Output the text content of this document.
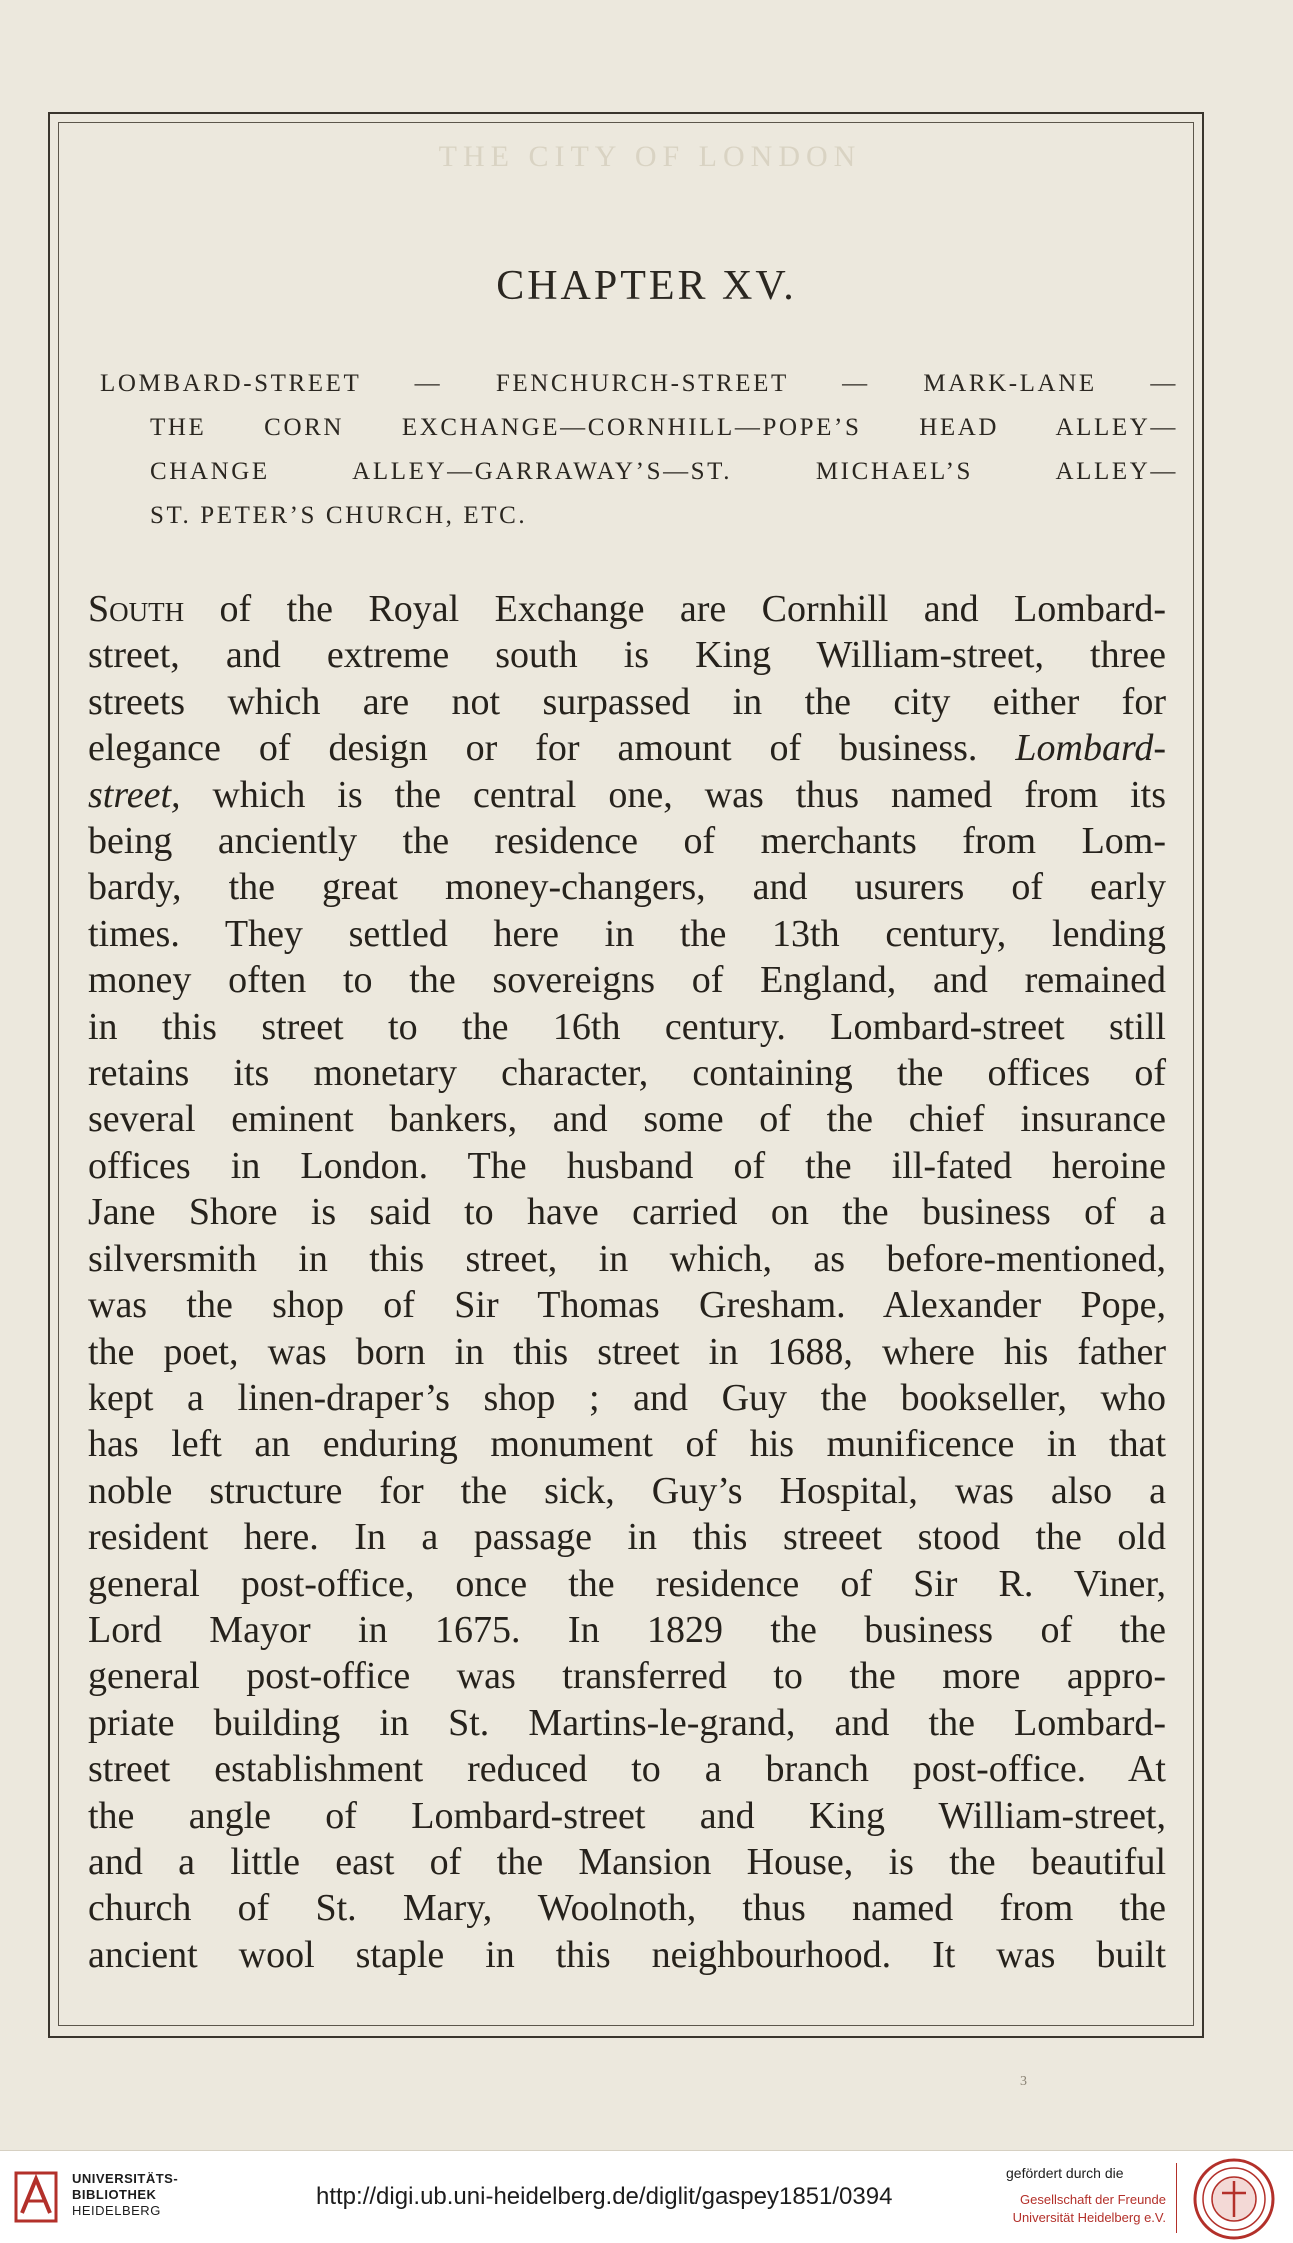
THE CITY OF LONDON
CHAPTER XV.
LOMBARD-STREET — FENCHURCH-STREET — MARK-LANE —
THE CORN EXCHANGE—CORNHILL—POPE’S HEAD ALLEY—
CHANGE ALLEY—GARRAWAY’S—ST. MICHAEL’S ALLEY—
ST. PETER’S CHURCH, ETC.
South of the Royal Exchange are Cornhill and Lombard-
street, and extreme south is King William-street, three
streets which are not surpassed in the city either for
elegance of design or for amount of business. Lombard-
street, which is the central one, was thus named from its
being anciently the residence of merchants from Lom-
bardy, the great money-changers, and usurers of early
times. They settled here in the 13th century, lending
money often to the sovereigns of England, and remained
in this street to the 16th century. Lombard-street still
retains its monetary character, containing the offices of
several eminent bankers, and some of the chief insurance
offices in London. The husband of the ill-fated heroine
Jane Shore is said to have carried on the business of a
silversmith in this street, in which, as before-mentioned,
was the shop of Sir Thomas Gresham. Alexander Pope,
the poet, was born in this street in 1688, where his father
kept a linen-draper’s shop ; and Guy the bookseller, who
has left an enduring monument of his munificence in that
noble structure for the sick, Guy’s Hospital, was also a
resident here. In a passage in this streeet stood the old
general post-office, once the residence of Sir R. Viner,
Lord Mayor in 1675. In 1829 the business of the
general post-office was transferred to the more appro-
priate building in St. Martins-le-grand, and the Lombard-
street establishment reduced to a branch post-office. At
the angle of Lombard-street and King William-street,
and a little east of the Mansion House, is the beautiful
church of St. Mary, Woolnoth, thus named from the
ancient wool staple in this neighbourhood. It was built
3
UNIVERSITÄTS-
BIBLIOTHEK
HEIDELBERG
http://digi.ub.uni-heidelberg.de/diglit/gaspey1851/0394
gefördert durch die
Gesellschaft der Freunde
Universität Heidelberg e.V.
